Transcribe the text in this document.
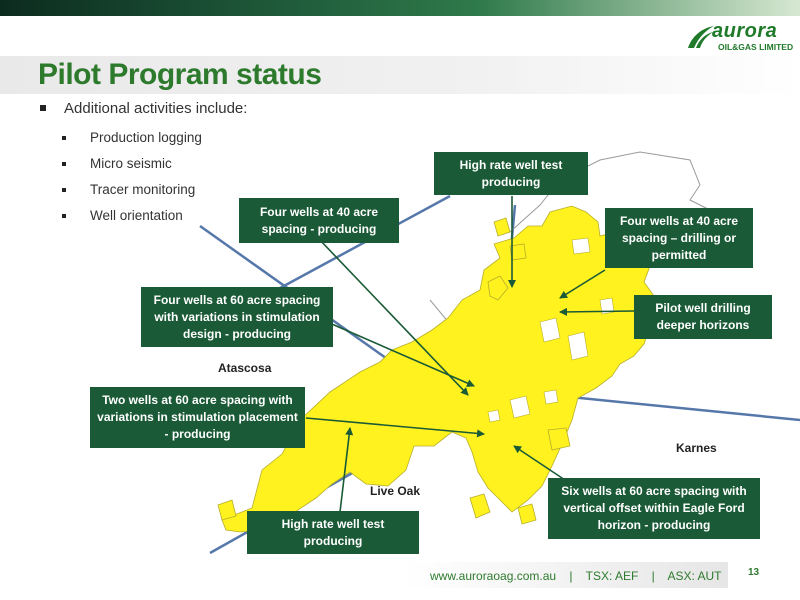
aurora
OIL&GAS LIMITED
Pilot Program status
Additional activities include:
Production logging
Micro seismic
Tracer monitoring
Well orientation
High rate well test producing
Four wells at 40 acre spacing - producing
Four wells at 40 acre spacing – drilling or permitted
Four wells at 60 acre spacing with variations in stimulation design - producing
Pilot well drilling deeper horizons
Two wells at 60 acre spacing with variations in stimulation placement - producing
Six wells at 60 acre spacing with vertical offset within Eagle Ford horizon - producing
High rate well test producing
Atascosa
Karnes
Live Oak
www.auroraoag.com.au    |    TSX: AEF    |    ASX: AUT	13
